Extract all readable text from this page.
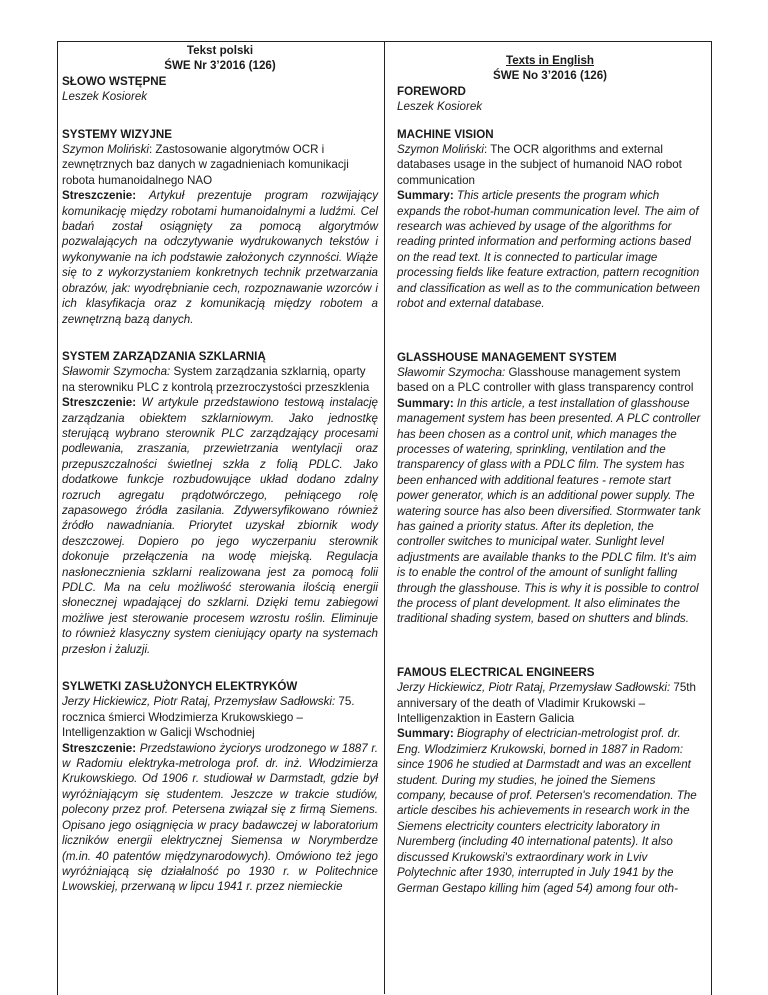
Tekst polski
ŚWE Nr 3’2016 (126)
SŁOWO WSTĘPNE
Leszek Kosiorek
SYSTEMY WIZYJNE
Szymon Moliński: Zastosowanie algorytmów OCR i zewnętrznych baz danych w zagadnieniach komunikacji robota humanoidalnego NAO
Streszczenie: Artykuł prezentuje program rozwijający komunikację między robotami humanoidalnymi a ludźmi. Cel badań został osiągnięty za pomocą algorytmów pozwalających na odczytywanie wydrukowanych tekstów i wykonywanie na ich podstawie założonych czynności. Wiąże się to z wykorzystaniem konkretnych technik przetwarzania obrazów, jak: wyodrębnianie cech, rozpoznawanie wzorców i ich klasyfikacja oraz z komunikacją między robotem a zewnętrzną bazą danych.
SYSTEM ZARZĄDZANIA SZKLARNIĄ
Sławomir Szymocha: System zarządzania szklarnią, oparty na sterowniku PLC z kontrolą przezroczystości przeszklenia
Streszczenie: W artykule przedstawiono testową instalację zarządzania obiektem szklarniowym. Jako jednostkę sterującą wybrano sterownik PLC zarządzający procesami podlewania, zraszania, przewietrzania wentylacji oraz przepuszczalności świetlnej szkła z folią PDLC. Jako dodatkowe funkcje rozbudowujące układ dodano zdalny rozruch agregatu prądotwórczego, pełniącego rolę zapasowego źródła zasilania. Zdywersyfikowano również źródło nawadniania. Priorytet uzyskał zbiornik wody deszczowej. Dopiero po jego wyczerpaniu sterownik dokonuje przełączenia na wodę miejską. Regulacja nasłonecznienia szklarni realizowana jest za pomocą folii PDLC. Ma na celu możliwość sterowania ilością energii słonecznej wpadającej do szklarni. Dzięki temu zabiegowi możliwe jest sterowanie procesem wzrostu roślin. Eliminuje to również klasyczny system cieniujący oparty na systemach przesłon i żaluzji.
SYLWETKI ZASŁUŻONYCH ELEKTRYKÓW
Jerzy Hickiewicz, Piotr Rataj, Przemysław Sadłowski: 75. rocznica śmierci Włodzimierza Krukowskiego – Intelligenzaktion w Galicji Wschodniej
Streszczenie: Przedstawiono życiorys urodzonego w 1887 r. w Radomiu elektryka-metrologa prof. dr. inż. Włodzimierza Krukowskiego. Od 1906 r. studiował w Darmstadt, gdzie był wyróżniającym się studentem. Jeszcze w trakcie studiów, polecony przez prof. Petersena związał się z firmą Siemens. Opisano jego osiągnięcia w pracy badawczej w laboratorium liczników energii elektrycznej Siemensa w Norymberdze (m.in. 40 patentów międzynarodowych). Omówiono też jego wyróżniającą się działalność po 1930 r. w Politechnice Lwowskiej, przerwaną w lipcu 1941 r. przez niemieckie
Texts in English
ŚWE No 3’2016 (126)
FOREWORD
Leszek Kosiorek
MACHINE VISION
Szymon Moliński: The OCR algorithms and external databases usage in the subject of humanoid NAO robot communication
Summary: This article presents the program which expands the robot-human communication level. The aim of research was achieved by usage of the algorithms for reading printed information and performing actions based on the read text. It is connected to particular image processing fields like feature extraction, pattern recognition and classification as well as to the communication between robot and external database.
GLASSHOUSE MANAGEMENT SYSTEM
Sławomir Szymocha: Glasshouse management system based on a PLC controller with glass transparency control
Summary: In this article, a test installation of glasshouse management system has been presented. A PLC controller has been chosen as a control unit, which manages the processes of watering, sprinkling, ventilation and the transparency of glass with a PDLC film. The system has been enhanced with additional features - remote start power generator, which is an additional power supply. The watering source has also been diversified. Stormwater tank has gained a priority status. After its depletion, the controller switches to municipal water. Sunlight level adjustments are available thanks to the PDLC film. It’s aim is to enable the control of the amount of sunlight falling through the glasshouse. This is why it is possible to control the process of plant development. It also eliminates the traditional shading system, based on shutters and blinds.
FAMOUS ELECTRICAL ENGINEERS
Jerzy Hickiewicz, Piotr Rataj, Przemysław Sadłowski: 75th anniversary of the death of Vladimir Krukowski – Intelligenzaktion in Eastern Galicia
Summary: Biography of electrician-metrologist prof. dr. Eng. Wlodzimierz Krukowski, borned in 1887 in Radom: since 1906 he studied at Darmstadt and was an excellent student. During my studies, he joined the Siemens company, because of prof. Petersen's recomendation. The article descibes his achievements in research work in the Siemens electricity counters electricity laboratory in Nuremberg (including 40 international patents). It also discussed Krukowski's extraordinary work in Lviv Polytechnic after 1930, interrupted in July 1941 by the German Gestapo killing him (aged 54) among four oth-
